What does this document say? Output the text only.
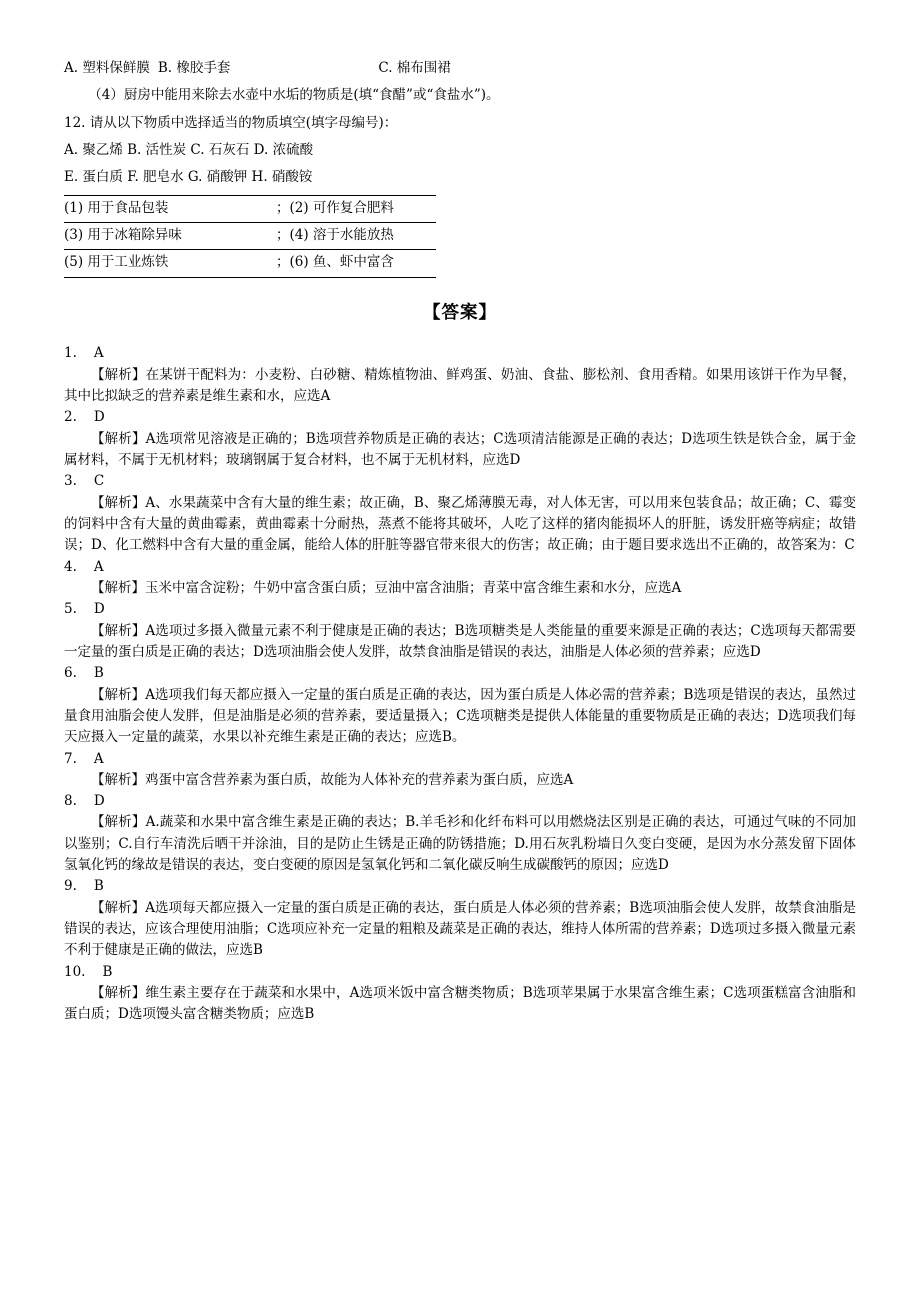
A. 塑料保鲜膜 B. 橡胶手套	C. 棉布围裙
（4）厨房中能用来除去水壶中水垢的物质是(填“食醋”或“食盐水”)。
12. 请从以下物质中选择适当的物质填空(填字母编号)：
A. 聚乙烯 B. 活性炭 C. 石灰石 D. 浓硫酸
E. 蛋白质 F. 肥皂水 G. 硝酸钾 H. 硝酸铵
(1) 用于食品包装	；(2) 可作复合肥料
(3) 用于冰箱除异味	；(4) 溶于水能放热
(5) 用于工业炼铁	；(6) 鱼、虾中富含
【答案】
1. A

【解析】在某饼干配料为：小麦粉、白砂糖、精炼植物油、鲜鸡蛋、奶油、食盐、膨松剂、食用香精。如果用该饼干作为早餐，其中比拟缺乏的营养素是维生素和水，应选A

2. D

【解析】A选项常见溶液是正确的；B选项营养物质是正确的表达；C选项清洁能源是正确的表达；D选项生铁是铁合金，属于金属材料，不属于无机材料；玻璃钢属于复合材料，也不属于无机材料，应选D

3. C

【解析】A、水果蔬菜中含有大量的维生素；故正确，B、聚乙烯薄膜无毒，对人体无害，可以用来包装食品；故正确；C、霉变的饲料中含有大量的黄曲霉素，黄曲霉素十分耐热，蒸煮不能将其破坏，人吃了这样的猪肉能损坏人的肝脏，诱发肝癌等病症；故错误；D、化工燃料中含有大量的重金属，能给人体的肝脏等器官带来很大的伤害；故正确；由于题目要求选出不正确的，故答案为：C

4. A

【解析】玉米中富含淀粉；牛奶中富含蛋白质；豆油中富含油脂；青菜中富含维生素和水分，应选A

5. D

【解析】A选项过多摄入微量元素不利于健康是正确的表达；B选项糖类是人类能量的重要来源是正确的表达；C选项每天都需要一定量的蛋白质是正确的表达；D选项油脂会使人发胖，故禁食油脂是错误的表达，油脂是人体必须的营养素；应选D

6. B

【解析】A选项我们每天都应摄入一定量的蛋白质是正确的表达，因为蛋白质是人体必需的营养素；B选项是错误的表达，虽然过量食用油脂会使人发胖，但是油脂是必须的营养素，要适量摄入；C选项糖类是提供人体能量的重要物质是正确的表达；D选项我们每天应摄入一定量的蔬菜，水果以补充维生素是正确的表达；应选B。

7. A

【解析】鸡蛋中富含营养素为蛋白质，故能为人体补充的营养素为蛋白质，应选A

8. D

【解析】A.蔬菜和水果中富含维生素是正确的表达；B.羊毛衫和化纤布料可以用燃烧法区别是正确的表达，可通过气味的不同加以鉴别；C.自行车清洗后晒干并涂油，目的是防止生锈是正确的防锈措施；D.用石灰乳粉墙日久变白变硬，是因为水分蒸发留下固体氢氧化钙的缘故是错误的表达，变白变硬的原因是氢氧化钙和二氧化碳反响生成碳酸钙的原因；应选D

9. B

【解析】A选项每天都应摄入一定量的蛋白质是正确的表达，蛋白质是人体必须的营养素；B选项油脂会使人发胖，故禁食油脂是错误的表达，应该合理使用油脂；C选项应补充一定量的粗粮及蔬菜是正确的表达，维持人体所需的营养素；D选项过多摄入微量元素不利于健康是正确的做法，应选B

10. B

【解析】维生素主要存在于蔬菜和水果中，A选项米饭中富含糖类物质；B选项苹果属于水果富含维生素；C选项蛋糕富含油脂和蛋白质；D选项馒头富含糖类物质；应选B
